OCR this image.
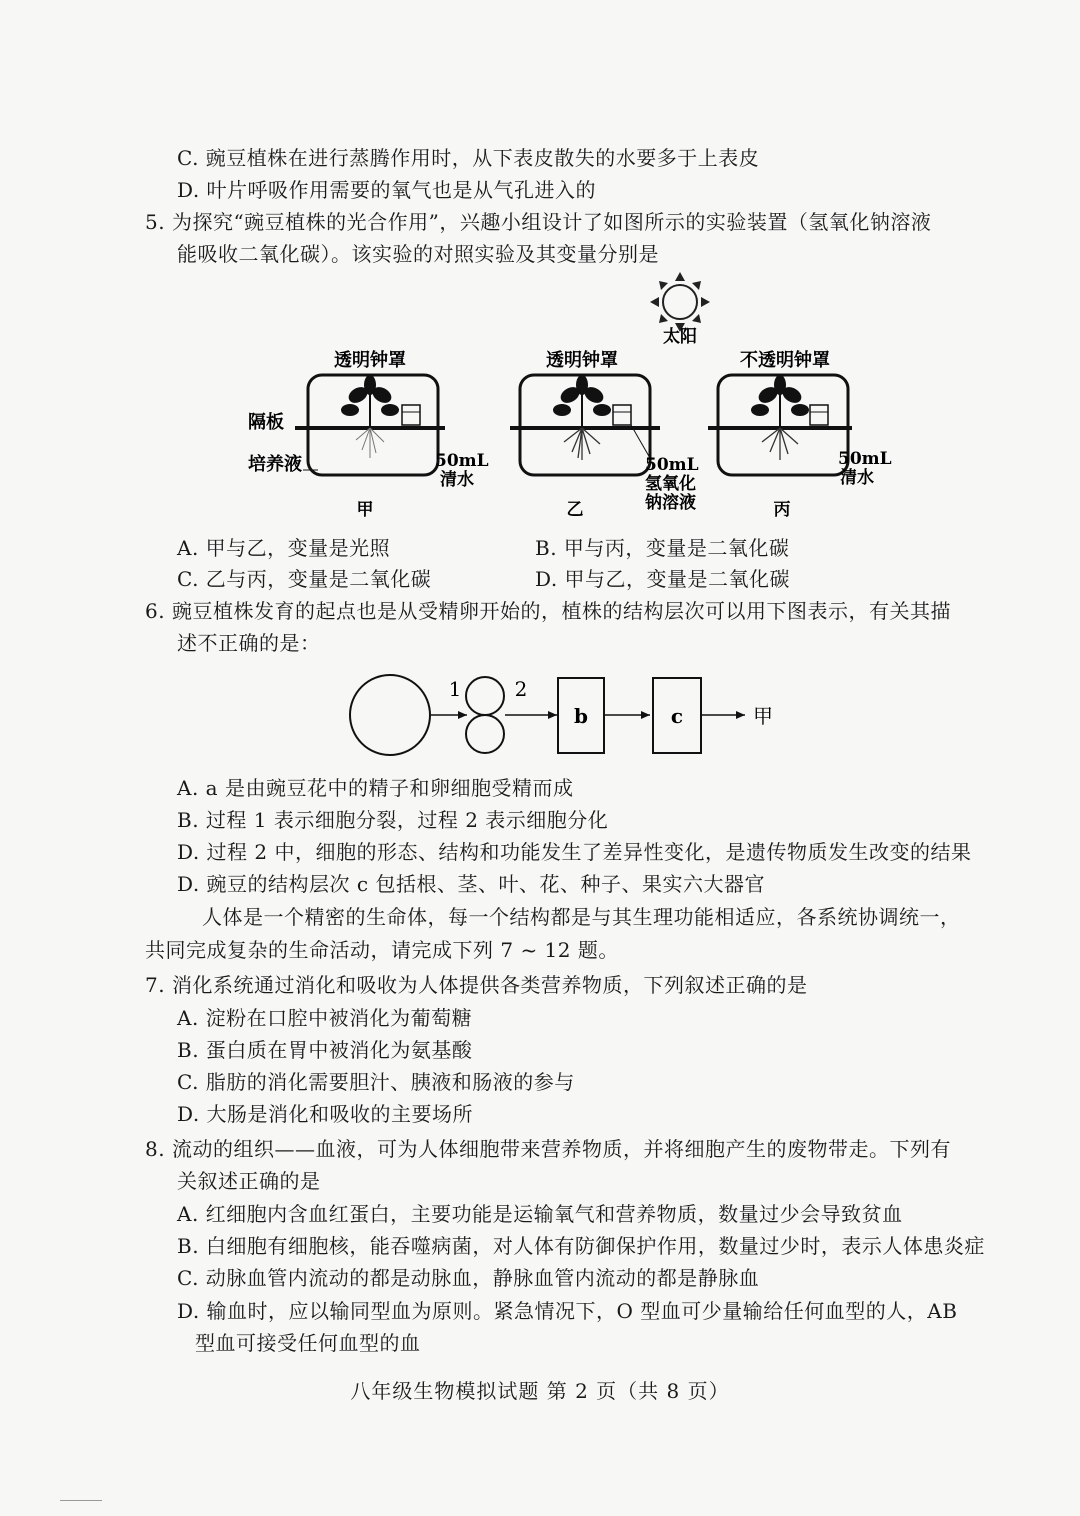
C. 豌豆植株在进行蒸腾作用时，从下表皮散失的水要多于上表皮
D. 叶片呼吸作用需要的氧气也是从气孔进入的
5. 为探究“豌豆植株的光合作用”，兴趣小组设计了如图所示的实验装置（氢氧化钠溶液
能吸收二氧化碳）。该实验的对照实验及其变量分别是
太阳
透明钟罩	透明钟罩	不透明钟罩
隔板
培养液	50mL
清水
50mL
氢氧化
钠溶液
50mL
清水
甲	乙	丙
A. 甲与乙，变量是光照	B. 甲与丙，变量是二氧化碳
C. 乙与丙，变量是二氧化碳	D. 甲与乙，变量是二氧化碳
6. 豌豆植株发育的起点也是从受精卵开始的，植株的结构层次可以用下图表示，有关其描
述不正确的是：
1	2
b	c	甲
A. a 是由豌豆花中的精子和卵细胞受精而成
B. 过程 1 表示细胞分裂，过程 2 表示细胞分化
D. 过程 2 中，细胞的形态、结构和功能发生了差异性变化，是遗传物质发生改变的结果
D. 豌豆的结构层次 c 包括根、茎、叶、花、种子、果实六大器官
人体是一个精密的生命体，每一个结构都是与其生理功能相适应，各系统协调统一，
共同完成复杂的生命活动，请完成下列 7 ~ 12 题。
7. 消化系统通过消化和吸收为人体提供各类营养物质，下列叙述正确的是
A. 淀粉在口腔中被消化为葡萄糖
B. 蛋白质在胃中被消化为氨基酸
C. 脂肪的消化需要胆汁、胰液和肠液的参与
D. 大肠是消化和吸收的主要场所
8. 流动的组织——血液，可为人体细胞带来营养物质，并将细胞产生的废物带走。下列有
关叙述正确的是
A. 红细胞内含血红蛋白，主要功能是运输氧气和营养物质，数量过少会导致贫血
B. 白细胞有细胞核，能吞噬病菌，对人体有防御保护作用，数量过少时，表示人体患炎症
C. 动脉血管内流动的都是动脉血，静脉血管内流动的都是静脉血
D. 输血时，应以输同型血为原则。紧急情况下，O 型血可少量输给任何血型的人，AB
型血可接受任何血型的血
八年级生物模拟试题 第 2 页（共 8 页）
